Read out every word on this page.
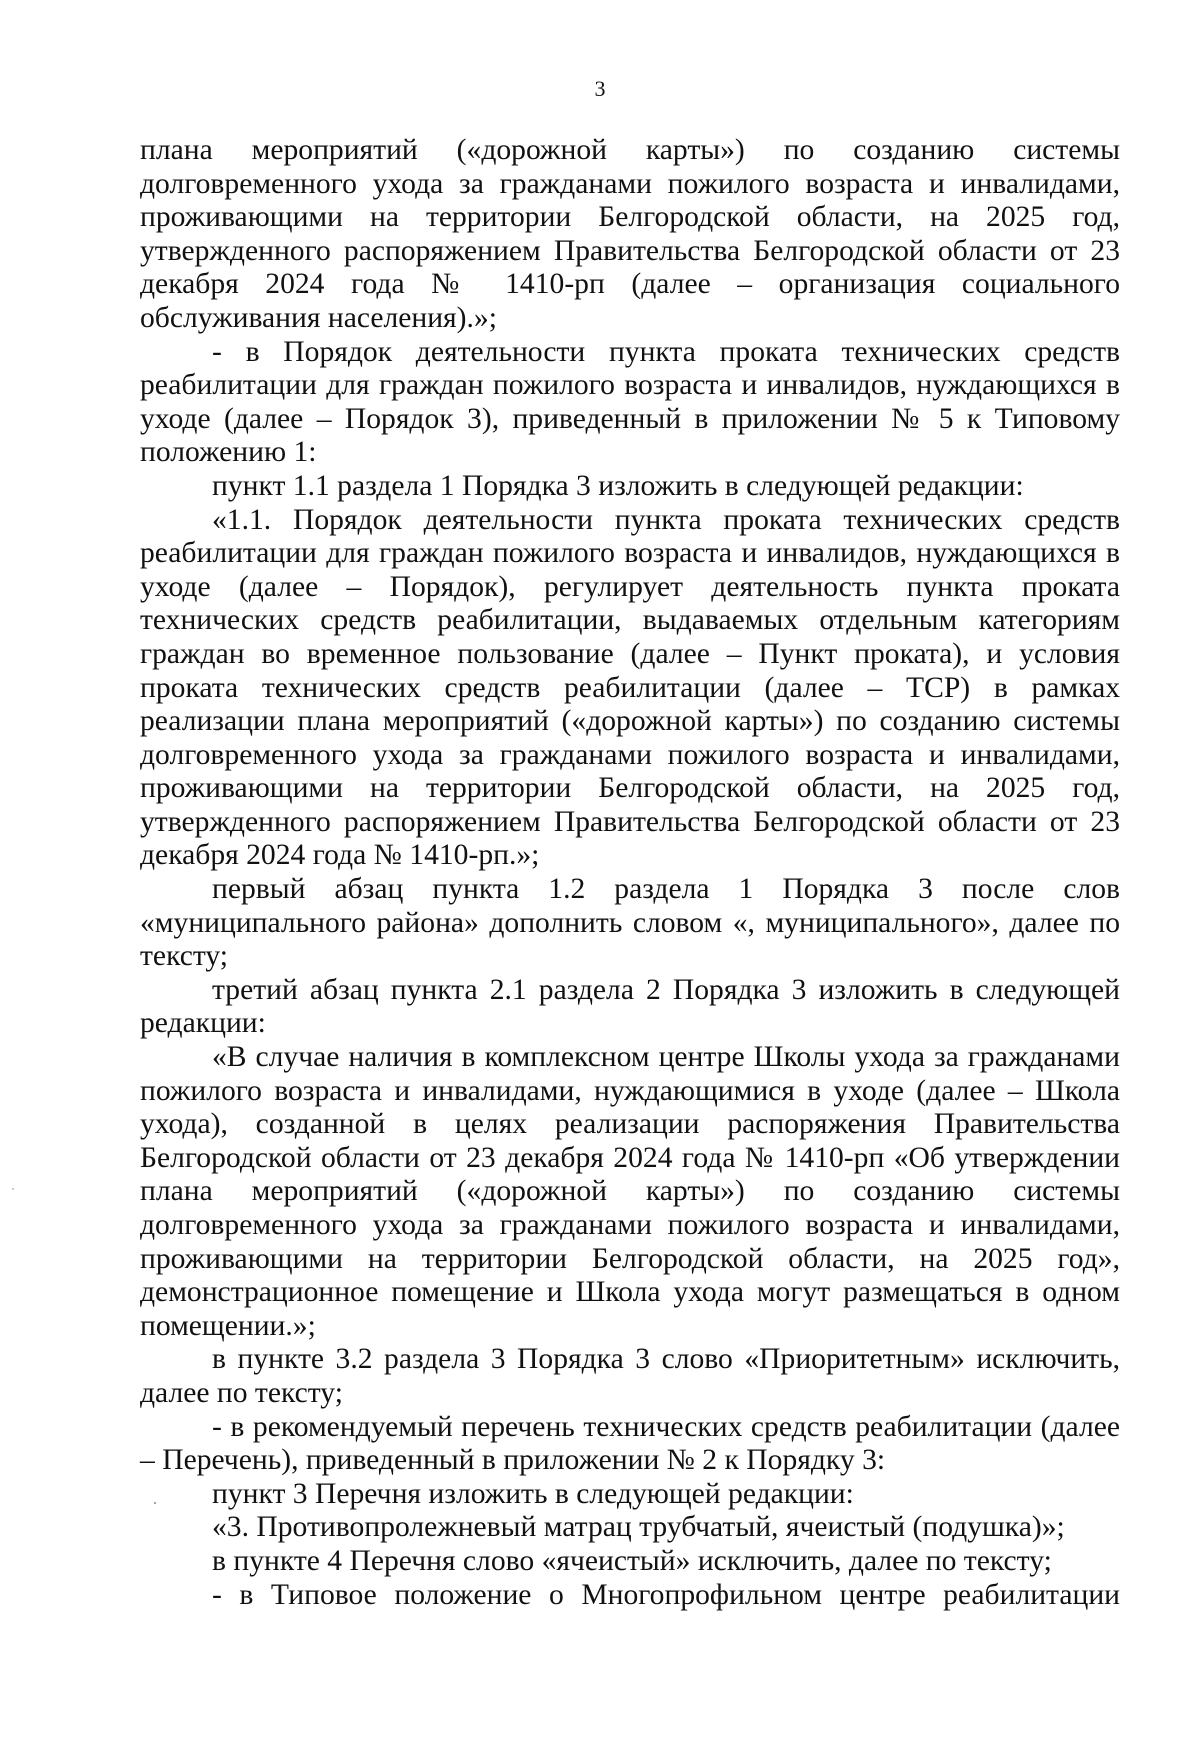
3

плана мероприятий («дорожной карты») по созданию системы долговременного ухода за гражданами пожилого возраста и инвалидами, проживающими на территории Белгородской области, на 2025 год, утвержденного распоряжением Правительства Белгородской области от 23 декабря 2024 года № 1410-рп (далее – организация социального обслуживания населения).»;

- в Порядок деятельности пункта проката технических средств реабилитации для граждан пожилого возраста и инвалидов, нуждающихся в уходе (далее – Порядок 3), приведенный в приложении № 5 к Типовому положению 1:

пункт 1.1 раздела 1 Порядка 3 изложить в следующей редакции:

«1.1. Порядок деятельности пункта проката технических средств реабилитации для граждан пожилого возраста и инвалидов, нуждающихся в уходе (далее – Порядок), регулирует деятельность пункта проката технических средств реабилитации, выдаваемых отдельным категориям граждан во временное пользование (далее – Пункт проката), и условия проката технических средств реабилитации (далее – ТСР) в рамках реализации плана мероприятий («дорожной карты») по созданию системы долговременного ухода за гражданами пожилого возраста и инвалидами, проживающими на территории Белгородской области, на 2025 год, утвержденного распоряжением Правительства Белгородской области от 23 декабря 2024 года № 1410-рп.»;

первый абзац пункта 1.2 раздела 1 Порядка 3 после слов «муниципального района» дополнить словом «, муниципального», далее по тексту;

третий абзац пункта 2.1 раздела 2 Порядка 3 изложить в следующей редакции:

«В случае наличия в комплексном центре Школы ухода за гражданами пожилого возраста и инвалидами, нуждающимися в уходе (далее – Школа ухода), созданной в целях реализации распоряжения Правительства Белгородской области от 23 декабря 2024 года № 1410-рп «Об утверждении плана мероприятий («дорожной карты») по созданию системы долговременного ухода за гражданами пожилого возраста и инвалидами, проживающими на территории Белгородской области, на 2025 год», демонстрационное помещение и Школа ухода могут размещаться в одном помещении.»;

в пункте 3.2 раздела 3 Порядка 3 слово «Приоритетным» исключить, далее по тексту;

- в рекомендуемый перечень технических средств реабилитации (далее – Перечень), приведенный в приложении № 2 к Порядку 3:

пункт 3 Перечня изложить в следующей редакции:

«3. Противопролежневый матрац трубчатый, ячеистый (подушка)»;

в пункте 4 Перечня слово «ячеистый» исключить, далее по тексту;

- в Типовое положение о Многопрофильном центре реабилитации
